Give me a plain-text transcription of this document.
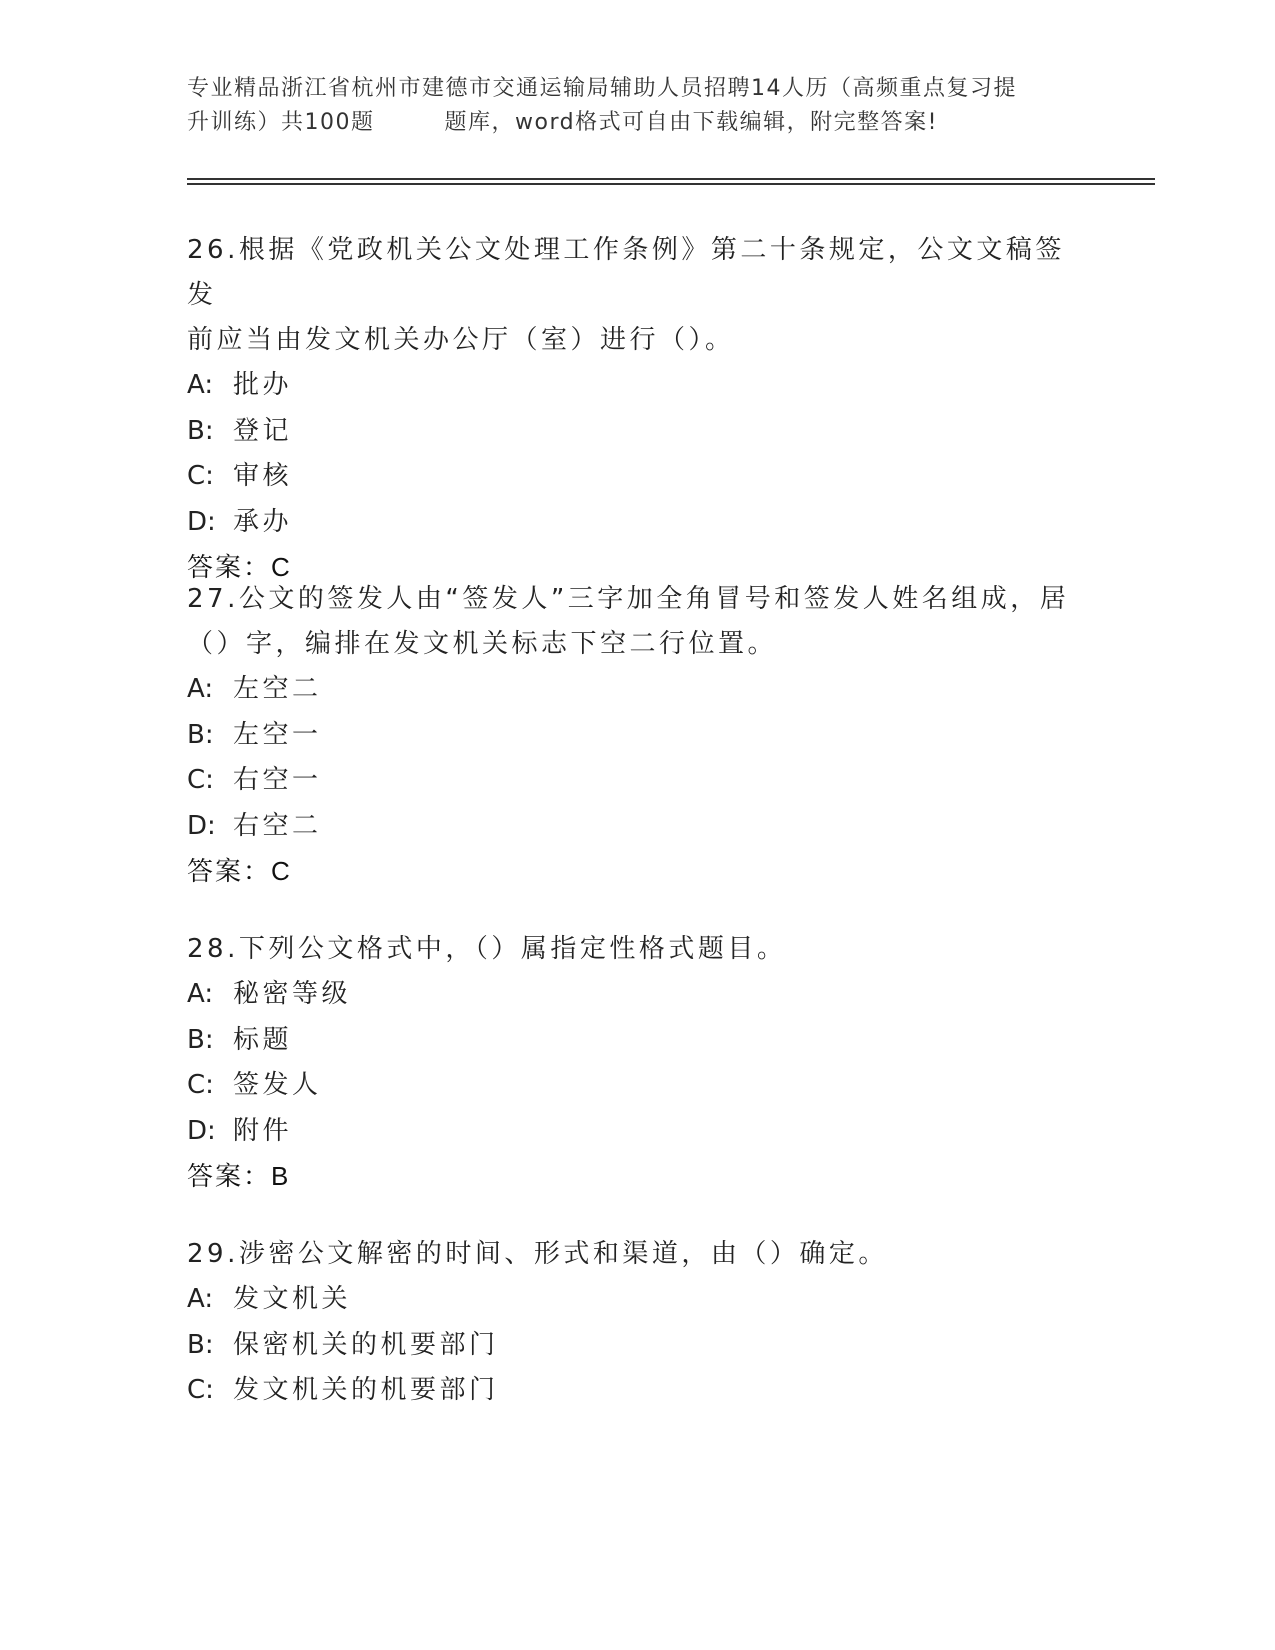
专业精品浙江省杭州市建德市交通运输局辅助人员招聘14人历（高频重点复习提
升训练）共100题	题库，word格式可自由下载编辑，附完整答案!
26.根据《党政机关公文处理工作条例》第二十条规定，公文文稿签发
前应当由发文机关办公厅（室）进行（）。
A: 批办
B: 登记
C: 审核
D: 承办
答案：C
27.公文的签发人由“签发人”三字加全角冒号和签发人姓名组成，居
（）字，编排在发文机关标志下空二行位置。
A: 左空二
B: 左空一
C: 右空一
D: 右空二
答案：C
28.下列公文格式中，（）属指定性格式题目。
A: 秘密等级
B: 标题
C: 签发人
D: 附件
答案：B
29.涉密公文解密的时间、形式和渠道，由（）确定。
A: 发文机关
B: 保密机关的机要部门
C: 发文机关的机要部门
